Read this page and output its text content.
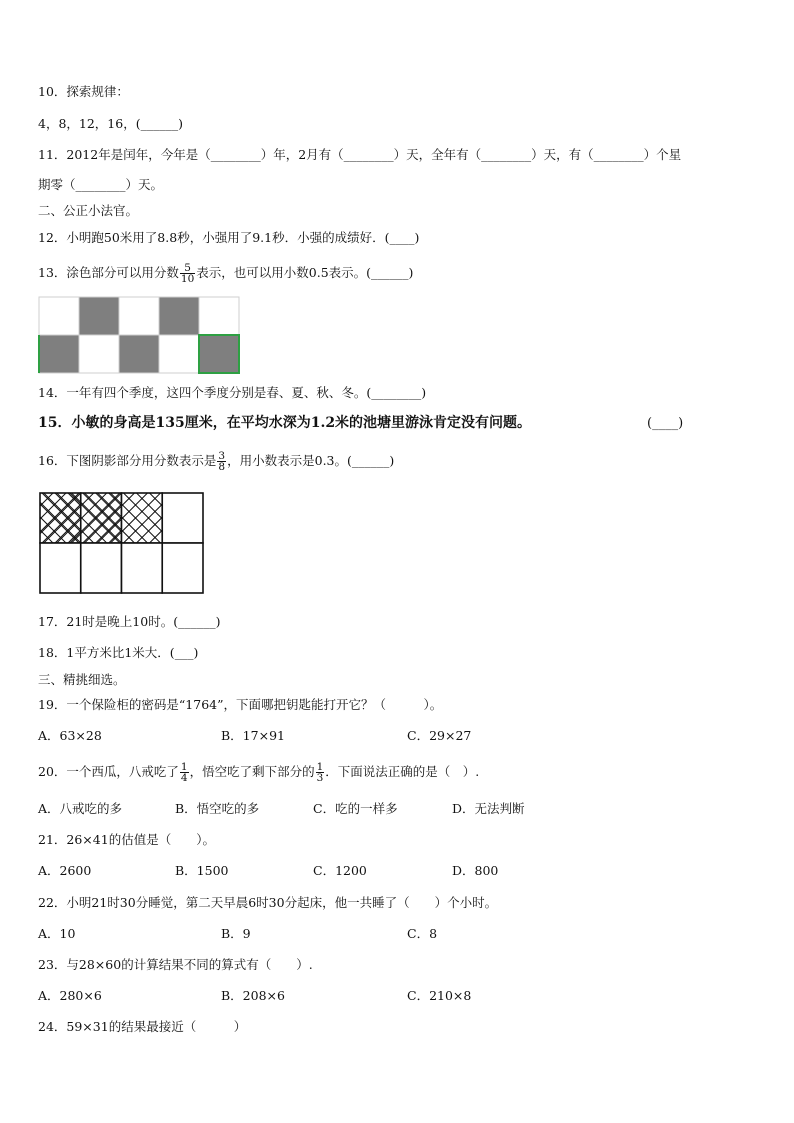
10．探索规律：
4，8，12，16，(______)
11．2012年是闰年，今年是（________）年，2月有（________）天，全年有（________）天，有（________）个星
期零（________）天。
二、公正小法官。
12．小明跑50米用了8.8秒，小强用了9.1秒．小强的成绩好．(____)
13．涂色部分可以用分数 $\frac{5}{10}$ 表示，也可以用小数0.5表示。(______)
14．一年有四个季度，这四个季度分别是春、夏、秋、冬。(________)
15．小敏的身高是135厘米，在平均水深为1.2米的池塘里游泳肯定没有问题。	(____)
16．下图阴影部分用分数表示是 $\frac{3}{8}$ ，用小数表示是0.3。(______)
17．21时是晚上10时。(______)
18．1平方米比1米大．(___)
三、精挑细选。
19．一个保险柜的密码是“1764”，下面哪把钥匙能打开它？（　　　）。
A．63×28	B．17×91	C．29×27
20．一个西瓜，八戒吃了 $\frac{1}{4}$ ，悟空吃了剩下部分的 $\frac{1}{3}$ ．下面说法正确的是（　）.
A．八戒吃的多	B．悟空吃的多	C．吃的一样多	D．无法判断
21．26×41的估值是（　　）。
A．2600	B．1500	C．1200	D．800
22．小明21时30分睡觉，第二天早晨6时30分起床，他一共睡了（　　）个小时。
A．10	B．9	C．8
23．与28×60的计算结果不同的算式有（　　）.
A．280×6	B．208×6	C．210×8
24．59×31的结果最接近（　　　）
